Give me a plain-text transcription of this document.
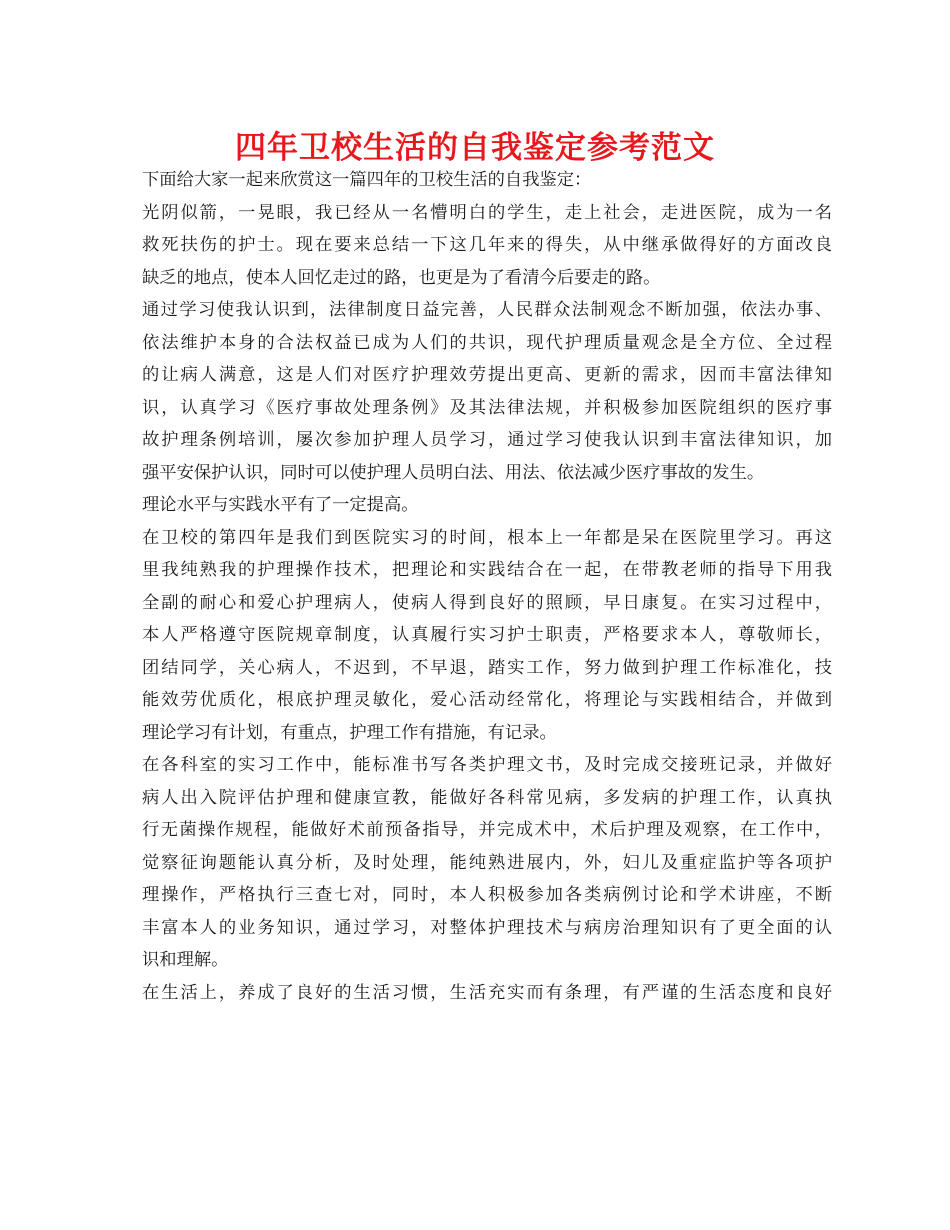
四年卫校生活的自我鉴定参考范文
下面给大家一起来欣赏这一篇四年的卫校生活的自我鉴定：
光阴似箭，一晃眼，我已经从一名懵明白的学生，走上社会，走进医院，成为一名
救死扶伤的护士。现在要来总结一下这几年来的得失，从中继承做得好的方面改良
缺乏的地点，使本人回忆走过的路，也更是为了看清今后要走的路。
通过学习使我认识到，法律制度日益完善，人民群众法制观念不断加强，依法办事、
依法维护本身的合法权益已成为人们的共识，现代护理质量观念是全方位、全过程
的让病人满意，这是人们对医疗护理效劳提出更高、更新的需求，因而丰富法律知
识，认真学习《医疗事故处理条例》及其法律法规，并积极参加医院组织的医疗事
故护理条例培训，屡次参加护理人员学习，通过学习使我认识到丰富法律知识，加
强平安保护认识，同时可以使护理人员明白法、用法、依法减少医疗事故的发生。
理论水平与实践水平有了一定提高。
在卫校的第四年是我们到医院实习的时间，根本上一年都是呆在医院里学习。再这
里我纯熟我的护理操作技术，把理论和实践结合在一起，在带教老师的指导下用我
全副的耐心和爱心护理病人，使病人得到良好的照顾，早日康复。在实习过程中，
本人严格遵守医院规章制度，认真履行实习护士职责，严格要求本人，尊敬师长，
团结同学，关心病人，不迟到，不早退，踏实工作，努力做到护理工作标准化，技
能效劳优质化，根底护理灵敏化，爱心活动经常化，将理论与实践相结合，并做到
理论学习有计划，有重点，护理工作有措施，有记录。
在各科室的实习工作中，能标准书写各类护理文书，及时完成交接班记录，并做好
病人出入院评估护理和健康宣教，能做好各科常见病，多发病的护理工作，认真执
行无菌操作规程，能做好术前预备指导，并完成术中，术后护理及观察，在工作中，
觉察征询题能认真分析，及时处理，能纯熟进展内，外，妇儿及重症监护等各项护
理操作，严格执行三查七对，同时，本人积极参加各类病例讨论和学术讲座，不断
丰富本人的业务知识，通过学习，对整体护理技术与病房治理知识有了更全面的认
识和理解。
在生活上，养成了良好的生活习惯，生活充实而有条理，有严谨的生活态度和良好
